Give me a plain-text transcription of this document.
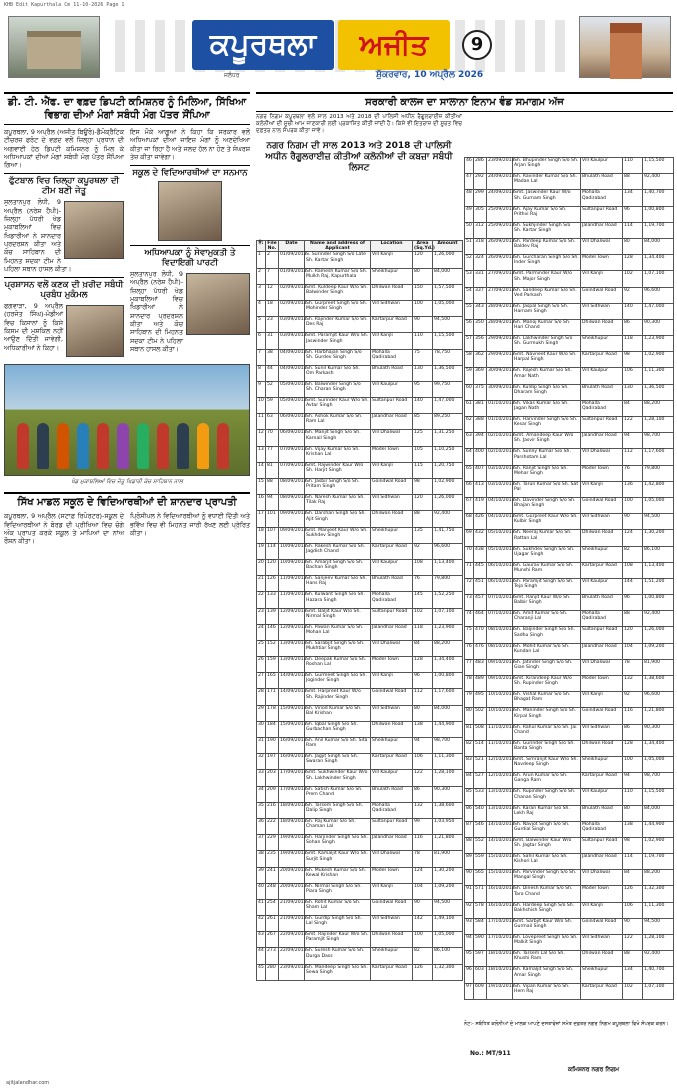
KHB Edit Kapurthala Cm 11-10-2026 Page 1
ਕਪੂਰਥਲਾ	ਅਜੀਤ	9
ਜਲੰਧਰ	ਸ਼ੁੱਕਰਵਾਰ, 10 ਅਪ੍ਰੈਲ 2026
ਡੀ. ਟੀ. ਐੱਫ. ਦਾ ਵਫ਼ਦ ਡਿਪਟੀ ਕਮਿਸ਼ਨਰ ਨੂੰ ਮਿਲਿਆ, ਸਿੱਖਿਆ ਵਿਭਾਗ ਦੀਆਂ ਮੰਗਾਂ ਸਬੰਧੀ ਮੰਗ ਪੱਤਰ ਸੌਂਪਿਆ

ਕਪੂਰਥਲਾ, 9 ਅਪ੍ਰੈਲ (ਅਜੀਤ ਬਿਊਰੋ)-ਡੈਮੋਕ੍ਰੈਟਿਕ ਟੀਚਰਜ਼ ਫਰੰਟ ਦੇ ਵਫ਼ਦ ਵਲੋਂ ਜ਼ਿਲ੍ਹਾ ਪ੍ਰਧਾਨ ਦੀ ਅਗਵਾਈ ਹੇਠ ਡਿਪਟੀ ਕਮਿਸ਼ਨਰ ਨੂੰ ਮਿਲ ਕੇ ਅਧਿਆਪਕਾਂ ਦੀਆਂ ਮੰਗਾਂ ਸਬੰਧੀ ਮੰਗ ਪੱਤਰ ਸੌਂਪਿਆ ਗਿਆ।

ਫੁੱਟਬਾਲ ਵਿਚ ਜ਼ਿਲ੍ਹਾ ਕਪੂਰਥਲਾ ਦੀ ਟੀਮ ਬਣੀ ਜੇਤੂ

ਸੁਲਤਾਨਪੁਰ ਲੋਧੀ, 9 ਅਪ੍ਰੈਲ (ਨਰੇਸ਼ ਹੈਪੀ)-ਜ਼ਿਲ੍ਹਾ ਪੱਧਰੀ ਖੇਡ ਮੁਕਾਬਲਿਆਂ ਵਿਚ ਖਿਡਾਰੀਆਂ ਨੇ ਸ਼ਾਨਦਾਰ ਪ੍ਰਦਰਸ਼ਨ ਕੀਤਾ ਅਤੇ ਕੋਚ ਸਾਹਿਬਾਨ ਦੀ ਮਿਹਨਤ ਸਦਕਾ ਟੀਮ ਨੇ ਪਹਿਲਾ ਸਥਾਨ ਹਾਸਲ ਕੀਤਾ।

ਪ੍ਰਸ਼ਾਸਨ ਵਲੋਂ ਕਣਕ ਦੀ ਖ਼ਰੀਦ ਸਬੰਧੀ ਪ੍ਰਬੰਧ ਮੁਕੰਮਲ

ਫਗਵਾੜਾ, 9 ਅਪ੍ਰੈਲ (ਹਰਜੋਤ ਸਿੰਘ)-ਮੰਡੀਆਂ ਵਿਚ ਕਿਸਾਨਾਂ ਨੂੰ ਕਿਸੇ ਕਿਸਮ ਦੀ ਮੁਸ਼ਕਿਲ ਨਹੀਂ ਆਉਣ ਦਿੱਤੀ ਜਾਵੇਗੀ, ਅਧਿਕਾਰੀਆਂ ਨੇ ਕਿਹਾ।

ਇਸ ਮੌਕੇ ਆਗੂਆਂ ਨੇ ਕਿਹਾ ਕਿ ਸਰਕਾਰ ਵਲੋਂ ਅਧਿਆਪਕਾਂ ਦੀਆਂ ਜਾਇਜ਼ ਮੰਗਾਂ ਨੂੰ ਅਣਦੇਖਿਆ ਕੀਤਾ ਜਾ ਰਿਹਾ ਹੈ ਅਤੇ ਜਲਦ ਹੱਲ ਨਾ ਹੋਣ ਤੇ ਸੰਘਰਸ਼ ਤੇਜ਼ ਕੀਤਾ ਜਾਵੇਗਾ।

ਸਕੂਲ ਦੇ ਵਿਦਿਆਰਥੀਆਂ ਦਾ ਸਨਮਾਨ
ਅਧਿਆਪਕਾ ਨੂੰ ਸੇਵਾਮੁਕਤੀ ਤੇ ਵਿਦਾਇਗੀ ਪਾਰਟੀ

ਸੁਲਤਾਨਪੁਰ ਲੋਧੀ, 9 ਅਪ੍ਰੈਲ (ਨਰੇਸ਼ ਹੈਪੀ)-ਜ਼ਿਲ੍ਹਾ ਪੱਧਰੀ ਖੇਡ ਮੁਕਾਬਲਿਆਂ ਵਿਚ ਖਿਡਾਰੀਆਂ ਨੇ ਸ਼ਾਨਦਾਰ ਪ੍ਰਦਰਸ਼ਨ ਕੀਤਾ ਅਤੇ ਕੋਚ ਸਾਹਿਬਾਨ ਦੀ ਮਿਹਨਤ ਸਦਕਾ ਟੀਮ ਨੇ ਪਹਿਲਾ ਸਥਾਨ ਹਾਸਲ ਕੀਤਾ।

ਖੇਡ ਮੁਕਾਬਲਿਆਂ ਵਿਚ ਜੇਤੂ ਖਿਡਾਰੀ ਕੋਚ ਸਾਹਿਬਾਨ ਨਾਲ
ਸਿੱਖ ਮਾਡਲ ਸਕੂਲ ਦੇ ਵਿਦਿਆਰਥੀਆਂ ਦੀ ਸ਼ਾਨਦਾਰ ਪ੍ਰਾਪਤੀ

ਕਪੂਰਥਲਾ, 9 ਅਪ੍ਰੈਲ (ਸਟਾਫ਼ ਰਿਪੋਰਟਰ)-ਸਕੂਲ ਦੇ ਵਿਦਿਆਰਥੀਆਂ ਨੇ ਬੋਰਡ ਦੀ ਪ੍ਰੀਖਿਆ ਵਿਚ ਚੰਗੇ ਅੰਕ ਪ੍ਰਾਪਤ ਕਰਕੇ ਸਕੂਲ ਤੇ ਮਾਪਿਆਂ ਦਾ ਨਾਂਅ ਰੌਸ਼ਨ ਕੀਤਾ।

ਪ੍ਰਿੰਸੀਪਲ ਨੇ ਵਿਦਿਆਰਥੀਆਂ ਨੂੰ ਵਧਾਈ ਦਿੱਤੀ ਅਤੇ ਭਵਿੱਖ ਵਿਚ ਵੀ ਮਿਹਨਤ ਜਾਰੀ ਰੱਖਣ ਲਈ ਪ੍ਰੇਰਿਤ ਕੀਤਾ।

ਸਰਕਾਰੀ ਕਾਲਜ ਦਾ ਸਾਲਾਨਾ ਇਨਾਮ ਵੰਡ ਸਮਾਗਮ ਅੱਜ
ਨਗਰ ਨਿਗਮ ਕਪੂਰਥਲਾ ਵਲੋਂ ਸਾਲ 2013 ਅਤੇ 2018 ਦੀ ਪਾਲਿਸੀ ਅਧੀਨ ਰੈਗੂਲਰਾਈਜ਼ ਕੀਤੀਆਂ ਕਲੋਨੀਆਂ ਦੀ ਸੂਚੀ ਆਮ ਜਾਣਕਾਰੀ ਲਈ ਪ੍ਰਕਾਸ਼ਿਤ ਕੀਤੀ ਜਾਂਦੀ ਹੈ। ਕਿਸੇ ਵੀ ਇਤਰਾਜ਼ ਦੀ ਸੂਰਤ ਵਿਚ ਦਫ਼ਤਰ ਨਾਲ ਸੰਪਰਕ ਕੀਤਾ ਜਾਵੇ।
ਨਗਰ ਨਿਗਮ ਦੀ ਸਾਲ 2013 ਅਤੇ 2018 ਦੀ ਪਾਲਿਸੀ ਅਧੀਨ ਰੈਗੂਲਰਾਈਜ਼ ਕੀਤੀਆਂ ਕਲੋਨੀਆਂ ਦੀ ਕਬਜ਼ਾ ਸਬੰਧੀ ਲਿਸਟ
ਨੰ:	File No.	Date	Name and address of Applicant	Location	Area (Sq.Yd.)	Amount
1	2	01/09/2013	S. Surinder Singh S/o Late Sh. Kartar Singh	Vill Kanjli	120	1,26,000
2	7	01/09/2013	Sh. Ramesh Kumar S/o Sh. Mulkh Raj, Kapurthala	Sheikhupur	80	84,000
3	12	02/09/2013	Smt. Kuldeep Kaur W/o Sh. Balwinder Singh	Dhilwan Road	150	1,57,500
4	18	02/09/2013	Sh. Gurpreet Singh S/o Sh. Mohinder Singh	Vill Sidhwan	100	1,05,000
5	23	03/09/2013	Sh. Rajinder Kumar S/o Sh. Des Raj	Kartarpur Road	90	94,500
6	31	03/09/2013	Smt. Paramjit Kaur W/o Sh. Jaswinder Singh	Vill Kanjli	110	1,15,500
7	38	04/09/2013	Sh. Harbhajan Singh S/o Sh. Gurdev Singh	Mohalla Qadirabad	75	78,750
8	44	04/09/2013	Sh. Sunil Kumar S/o Sh. Om Parkash	Bhulath Road	130	1,36,500
9	52	05/09/2013	Sh. Balwinder Singh S/o Sh. Charan Singh	Vill Kaulpur	95	99,750
10	59	05/09/2013	Smt. Surinder Kaur W/o Sh. Avtar Singh	Sultanpur Road	140	1,47,000
11	63	06/09/2013	Sh. Ashok Kumar S/o Sh. Ram Lal	Jalandhar Road	85	89,250
12	70	06/09/2013	Sh. Manjit Singh S/o Sh. Karnail Singh	Vill Dhaliwal	125	1,31,250
13	77	07/09/2013	Sh. Vijay Kumar S/o Sh. Krishan Lal	Model Town	105	1,10,250
14	81	07/09/2013	Smt. Rajwinder Kaur W/o Sh. Harjit Singh	Vill Kanjli	115	1,20,750
15	88	08/09/2013	Sh. Jasbir Singh S/o Sh. Pritam Singh	Goindwal Road	98	1,02,900
16	94	08/09/2013	Sh. Naresh Kumar S/o Sh. Tilak Raj	Vill Sidhwan	120	1,26,000
17	101	09/09/2013	Sh. Darshan Singh S/o Sh. Ajit Singh	Dhilwan Road	88	92,400
18	107	09/09/2013	Smt. Manjeet Kaur W/o Sh. Sukhdev Singh	Sheikhupur	135	1,41,750
19	114	10/09/2013	Sh. Rakesh Kumar S/o Sh. Jagdish Chand	Kartarpur Road	92	96,600
20	120	10/09/2013	Sh. Amarjit Singh S/o Sh. Bachan Singh	Vill Kaulpur	108	1,13,400
21	126	11/09/2013	Sh. Sanjeev Kumar S/o Sh. Hans Raj	Bhulath Road	76	79,800
22	133	11/09/2013	Sh. Kulwant Singh S/o Sh. Hazara Singh	Mohalla Qadirabad	145	1,52,250
23	139	12/09/2013	Smt. Baljit Kaur W/o Sh. Nirmal Singh	Sultanpur Road	102	1,07,100
24	146	12/09/2013	Sh. Pawan Kumar S/o Sh. Mohan Lal	Jalandhar Road	118	1,23,900
25	152	13/09/2013	Sh. Sarabjit Singh S/o Sh. Mukhtiar Singh	Vill Dhaliwal	84	88,200
26	159	13/09/2013	Sh. Deepak Kumar S/o Sh. Roshan Lal	Model Town	128	1,34,400
27	165	14/09/2013	Sh. Gurmeet Singh S/o Sh. Joginder Singh	Vill Kanjli	96	1,00,800
28	171	14/09/2013	Smt. Harpreet Kaur W/o Sh. Rajinder Singh	Goindwal Road	112	1,17,600
29	178	15/09/2013	Sh. Vinod Kumar S/o Sh. Bal Krishan	Vill Sidhwan	80	84,000
30	184	15/09/2013	Sh. Iqbal Singh S/o Sh. Gurbachan Singh	Dhilwan Road	138	1,44,900
31	190	16/09/2013	Sh. Anil Kumar S/o Sh. Sita Ram	Sheikhupur	94	98,700
32	197	16/09/2013	Sh. Jagjit Singh S/o Sh. Swaran Singh	Kartarpur Road	106	1,11,300
33	203	17/09/2013	Smt. Sukhwinder Kaur W/o Sh. Lakhwinder Singh	Vill Kaulpur	122	1,28,100
34	209	17/09/2013	Sh. Satish Kumar S/o Sh. Prem Chand	Bhulath Road	86	90,300
35	216	18/09/2013	Sh. Tarsem Singh S/o Sh. Dalip Singh	Mohalla Qadirabad	132	1,38,600
36	222	18/09/2013	Sh. Raj Kumar S/o Sh. Chaman Lal	Sultanpur Road	99	1,03,950
37	229	19/09/2013	Sh. Harjinder Singh S/o Sh. Sohan Singh	Jalandhar Road	116	1,21,800
38	235	19/09/2013	Smt. Kamaljit Kaur W/o Sh. Surjit Singh	Vill Dhaliwal	78	81,900
39	241	20/09/2013	Sh. Mukesh Kumar S/o Sh. Kewal Krishan	Model Town	124	1,30,200
40	248	20/09/2013	Sh. Nirmal Singh S/o Sh. Piara Singh	Vill Kanjli	104	1,09,200
41	254	21/09/2013	Sh. Rohit Kumar S/o Sh. Sham Lal	Goindwal Road	90	94,500
42	261	21/09/2013	Sh. Gurdip Singh S/o Sh. Lal Singh	Vill Sidhwan	142	1,49,100
43	267	22/09/2013	Smt. Rajinder Kaur W/o Sh. Paramjit Singh	Dhilwan Road	100	1,05,000
44	273	22/09/2013	Sh. Suresh Kumar S/o Sh. Durga Dass	Sheikhupur	82	86,100
45	280	23/09/2013	Sh. Mandeep Singh S/o Sh. Sewa Singh	Kartarpur Road	126	1,32,300
46	286	23/09/2013	Sh. Bhupinder Singh S/o Sh. Arjan Singh	Vill Kaulpur	110	1,15,500
47	292	24/09/2013	Sh. Ravinder Kumar S/o Sh. Madan Lal	Bhulath Road	88	92,400
48	299	24/09/2013	Smt. Jaswinder Kaur W/o Sh. Gurnam Singh	Mohalla Qadirabad	134	1,40,700
49	305	25/09/2013	Sh. Ajay Kumar S/o Sh. Prithvi Raj	Sultanpur Road	96	1,00,800
50	312	25/09/2013	Sh. Sukhjinder Singh S/o Sh. Kartar Singh	Jalandhar Road	114	1,19,700
51	318	26/09/2013	Sh. Pardeep Kumar S/o Sh. Baldev Raj	Vill Dhaliwal	80	84,000
52	324	26/09/2013	Sh. Gurcharan Singh S/o Sh. Inder Singh	Model Town	128	1,34,400
53	331	27/09/2013	Smt. Parminder Kaur W/o Sh. Major Singh	Vill Kanjli	102	1,07,100
54	337	27/09/2013	Sh. Sandeep Kumar S/o Sh. Ved Parkash	Goindwal Road	92	96,600
55	343	28/09/2013	Sh. Jaspal Singh S/o Sh. Harnam Singh	Vill Sidhwan	140	1,47,000
56	350	28/09/2013	Sh. Manoj Kumar S/o Sh. Hari Chand	Dhilwan Road	86	90,300
57	356	29/09/2013	Sh. Lakhwinder Singh S/o Sh. Gurmukh Singh	Sheikhupur	118	1,23,900
58	362	29/09/2013	Smt. Navneet Kaur W/o Sh. Harpal Singh	Kartarpur Road	98	1,02,900
59	369	30/09/2013	Sh. Rajesh Kumar S/o Sh. Amar Nath	Vill Kaulpur	106	1,11,300
60	375	30/09/2013	Sh. Kuldip Singh S/o Sh. Dharam Singh	Bhulath Road	130	1,36,500
61	381	01/10/2013	Sh. Vikas Kumar S/o Sh. Jagan Nath	Mohalla Qadirabad	84	88,200
62	388	01/10/2013	Sh. Harvinder Singh S/o Sh. Kesar Singh	Sultanpur Road	122	1,28,100
63	394	02/10/2013	Smt. Amandeep Kaur W/o Sh. Jasvir Singh	Jalandhar Road	94	98,700
64	400	02/10/2013	Sh. Sunny Kumar S/o Sh. Parshotam Lal	Vill Dhaliwal	112	1,17,600
65	407	03/10/2013	Sh. Ranjit Singh S/o Sh. Mehar Singh	Model Town	76	79,800
66	413	03/10/2013	Sh. Tarun Kumar S/o Sh. Sat Pal	Vill Kanjli	136	1,42,800
67	419	04/10/2013	Sh. Davinder Singh S/o Sh. Bhajan Singh	Goindwal Road	100	1,05,000
68	426	04/10/2013	Smt. Gurpreet Kaur W/o Sh. Kulbir Singh	Vill Sidhwan	90	94,500
69	432	05/10/2013	Sh. Neeraj Kumar S/o Sh. Rattan Lal	Dhilwan Road	124	1,30,200
70	438	05/10/2013	Sh. Sukhdev Singh S/o Sh. Ujagar Singh	Sheikhupur	82	86,100
71	445	06/10/2013	Sh. Gaurav Kumar S/o Sh. Munshi Ram	Kartarpur Road	108	1,13,400
72	451	06/10/2013	Sh. Paramjit Singh S/o Sh. Teja Singh	Vill Kaulpur	144	1,51,200
73	457	07/10/2013	Smt. Ranjit Kaur W/o Sh. Balbir Singh	Bhulath Road	96	1,00,800
74	464	07/10/2013	Sh. Amit Kumar S/o Sh. Charanji Lal	Mohalla Qadirabad	88	92,400
75	470	08/10/2013	Sh. Baljinder Singh S/o Sh. Sadhu Singh	Sultanpur Road	120	1,26,000
76	476	08/10/2013	Sh. Mohit Kumar S/o Sh. Kundan Lal	Jalandhar Road	104	1,09,200
77	483	09/10/2013	Sh. Jatinder Singh S/o Sh. Gian Singh	Vill Dhaliwal	78	81,900
78	489	09/10/2013	Smt. Kirandeep Kaur W/o Sh. Rupinder Singh	Model Town	132	1,38,600
79	495	10/10/2013	Sh. Vishal Kumar S/o Sh. Bhagat Ram	Vill Kanjli	92	96,600
80	502	10/10/2013	Sh. Maninder Singh S/o Sh. Kirpal Singh	Goindwal Road	116	1,21,800
81	508	11/10/2013	Sh. Rahul Kumar S/o Sh. Jai Chand	Vill Sidhwan	86	90,300
82	514	11/10/2013	Sh. Gurinder Singh S/o Sh. Banta Singh	Dhilwan Road	128	1,34,400
83	521	12/10/2013	Smt. Simranjit Kaur W/o Sh. Navdeep Singh	Sheikhupur	100	1,05,000
84	527	12/10/2013	Sh. Arun Kumar S/o Sh. Ganga Ram	Kartarpur Road	94	98,700
85	533	13/10/2013	Sh. Rupinder Singh S/o Sh. Chanan Singh	Vill Kaulpur	110	1,15,500
86	540	13/10/2013	Sh. Karan Kumar S/o Sh. Lekh Raj	Bhulath Road	80	84,000
87	546	14/10/2013	Sh. Navjot Singh S/o Sh. Gurdial Singh	Mohalla Qadirabad	138	1,44,900
88	552	14/10/2013	Smt. Balwinder Kaur W/o Sh. Jagtar Singh	Sultanpur Road	98	1,02,900
89	559	15/10/2013	Sh. Sahil Kumar S/o Sh. Kishori Lal	Jalandhar Road	114	1,19,700
90	565	15/10/2013	Sh. Parvinder Singh S/o Sh. Mangal Singh	Vill Dhaliwal	84	88,200
91	571	16/10/2013	Sh. Dinesh Kumar S/o Sh. Tara Chand	Model Town	126	1,32,300
92	578	16/10/2013	Sh. Hardeep Singh S/o Sh. Bakhshish Singh	Vill Kanjli	106	1,11,300
93	584	17/10/2013	Smt. Sarbjit Kaur W/o Sh. Gurmail Singh	Goindwal Road	90	94,500
94	590	17/10/2013	Sh. Lovepreet Singh S/o Sh. Malkit Singh	Vill Sidhwan	122	1,28,100
95	597	18/10/2013	Sh. Tarsem Lal S/o Sh. Khushi Ram	Dhilwan Road	88	92,400
96	603	18/10/2013	Sh. Kamaljit Singh S/o Sh. Amar Singh	Sheikhupur	134	1,40,700
97	609	19/10/2013	Sh. Vipan Kumar S/o Sh. Hem Raj	Kartarpur Road	102	1,07,100
ਨੋਟ:- ਸਬੰਧਿਤ ਕਲੋਨੀਆਂ ਦੇ ਮਾਲਕ ਆਪਣੇ ਦਸਤਾਵੇਜ਼ਾਂ ਸਮੇਤ ਦਫ਼ਤਰ ਨਗਰ ਨਿਗਮ ਕਪੂਰਥਲਾ ਵਿਖੇ ਸੰਪਰਕ ਕਰਨ।
No.: MT/911
ਕਮਿਸ਼ਨਰ ਨਗਰ ਨਿਗਮ
ajitjalandhar.com
